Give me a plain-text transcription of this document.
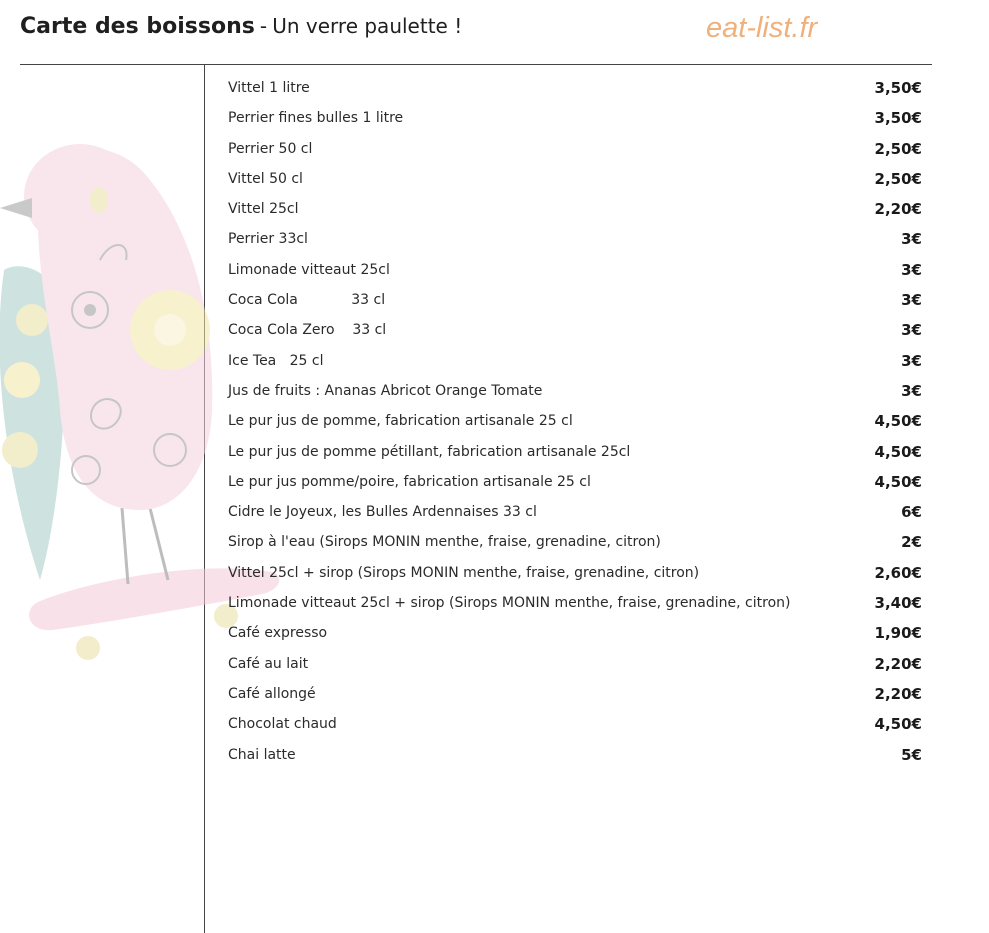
Carte des boissons - Un verre paulette !	eat-list.fr
Vittel 1 litre	3,50€
Perrier fines bulles 1 litre	3,50€
Perrier 50 cl	2,50€
Vittel 50 cl	2,50€
Vittel 25cl	2,20€
Perrier 33cl	3€
Limonade vitteaut 25cl	3€
Coca Cola            33 cl	3€
Coca Cola Zero    33 cl	3€
Ice Tea   25 cl	3€
Jus de fruits : Ananas Abricot Orange Tomate	3€
Le pur jus de pomme, fabrication artisanale 25 cl	4,50€
Le pur jus de pomme pétillant, fabrication artisanale 25cl	4,50€
Le pur jus pomme/poire, fabrication artisanale 25 cl	4,50€
Cidre le Joyeux, les Bulles Ardennaises 33 cl	6€
Sirop à l'eau (Sirops MONIN menthe, fraise, grenadine, citron)	2€
Vittel 25cl + sirop (Sirops MONIN menthe, fraise, grenadine, citron)	2,60€
Limonade vitteaut 25cl + sirop (Sirops MONIN menthe, fraise, grenadine, citron)	3,40€
Café expresso	1,90€
Café au lait	2,20€
Café allongé	2,20€
Chocolat chaud	4,50€
Chai latte	5€
